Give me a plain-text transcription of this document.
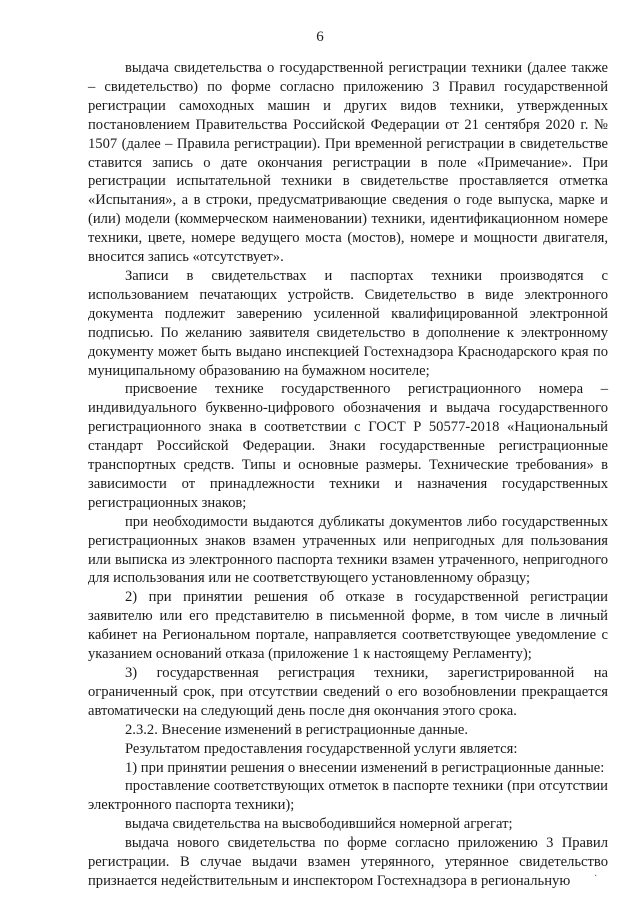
6

выдача свидетельства о государственной регистрации техники (далее также – свидетельство) по форме согласно приложению 3 Правил государственной регистрации самоходных машин и других видов техники, утвержденных постановлением Правительства Российской Федерации от 21 сентября 2020 г. № 1507 (далее – Правила регистрации). При временной регистрации в свидетельстве ставится запись о дате окончания регистрации в поле «Примечание». При регистрации испытательной техники в свидетельстве проставляется отметка «Испытания», а в строки, предусматривающие сведения о годе выпуска, марке и (или) модели (коммерческом наименовании) техники, идентификационном номере техники, цвете, номере ведущего моста (мостов), номере и мощности двигателя, вносится запись «отсутствует».

Записи в свидетельствах и паспортах техники производятся с использованием печатающих устройств. Свидетельство в виде электронного документа подлежит заверению усиленной квалифицированной электронной подписью. По желанию заявителя свидетельство в дополнение к электронному документу может быть выдано инспекцией Гостехнадзора Краснодарского края по муниципальному образованию на бумажном носителе;

присвоение технике государственного регистрационного номера – индивидуального буквенно-цифрового обозначения и выдача государственного регистрационного знака в соответствии с ГОСТ Р 50577-2018 «Национальный стандарт Российской Федерации. Знаки государственные регистрационные транспортных средств. Типы и основные размеры. Технические требования» в зависимости от принадлежности техники и назначения государственных регистрационных знаков;

при необходимости выдаются дубликаты документов либо государственных регистрационных знаков взамен утраченных или непригодных для пользования или выписка из электронного паспорта техники взамен утраченного, непригодного для использования или не соответствующего установленному образцу;

2) при принятии решения об отказе в государственной регистрации заявителю или его представителю в письменной форме, в том числе в личный кабинет на Региональном портале, направляется соответствующее уведомление с указанием оснований отказа (приложение 1 к настоящему Регламенту);

3) государственная регистрация техники, зарегистрированной на ограниченный срок, при отсутствии сведений о его возобновлении прекращается автоматически на следующий день после дня окончания этого срока.

2.3.2. Внесение изменений в регистрационные данные.

Результатом предоставления государственной услуги является:

1) при принятии решения о внесении изменений в регистрационные данные:

проставление соответствующих отметок в паспорте техники (при отсутствии электронного паспорта техники);

выдача свидетельства на высвободившийся номерной агрегат;

выдача нового свидетельства по форме согласно приложению 3 Правил регистрации. В случае выдачи взамен утерянного, утерянное свидетельство признается недействительным и инспектором Гостехнадзора в региональную	·
